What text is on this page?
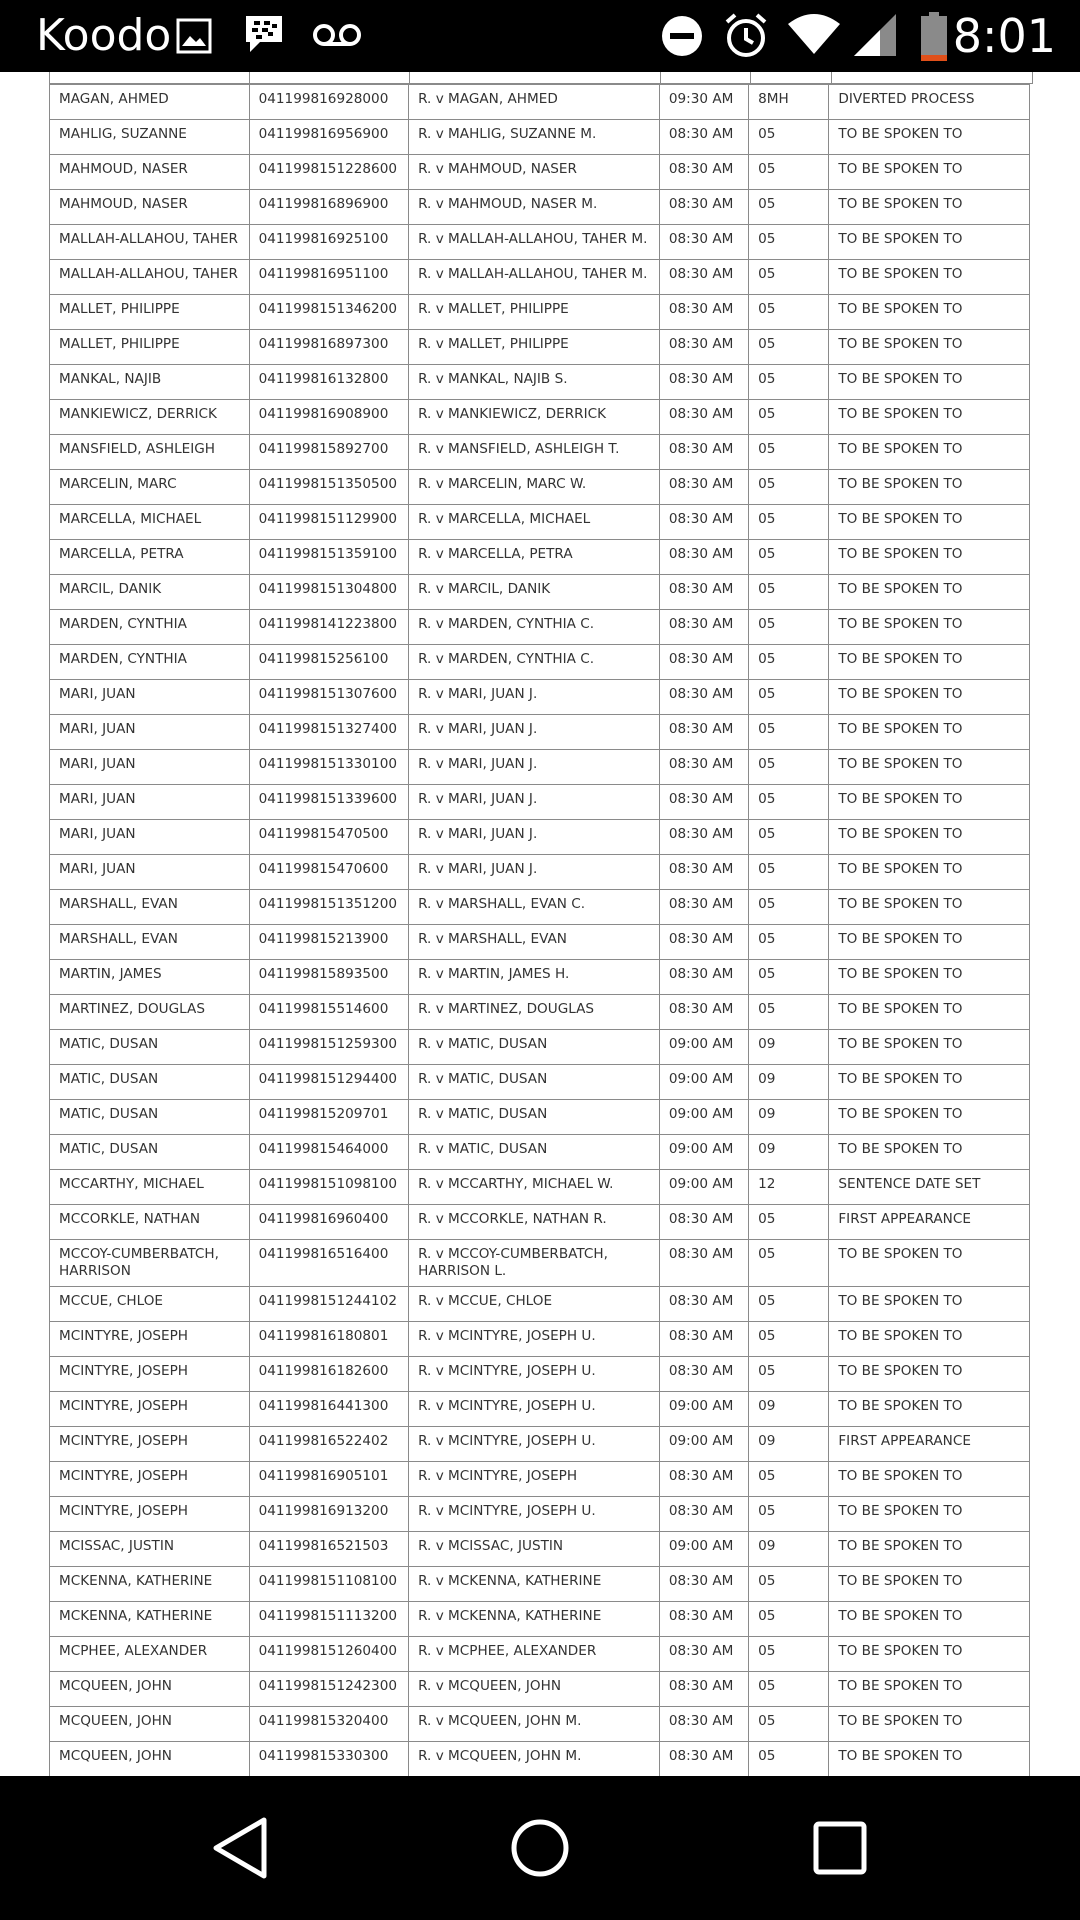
Koodo	8:01

MAGAN, AHMED	041199816928000	R. v MAGAN, AHMED	09:30 AM	8MH	DIVERTED PROCESS
MAHLIG, SUZANNE	041199816956900	R. v MAHLIG, SUZANNE M.	08:30 AM	05	TO BE SPOKEN TO
MAHMOUD, NASER	0411998151228600	R. v MAHMOUD, NASER	08:30 AM	05	TO BE SPOKEN TO
MAHMOUD, NASER	041199816896900	R. v MAHMOUD, NASER M.	08:30 AM	05	TO BE SPOKEN TO
MALLAH-ALLAHOU, TAHER	041199816925100	R. v MALLAH-ALLAHOU, TAHER M.	08:30 AM	05	TO BE SPOKEN TO
MALLAH-ALLAHOU, TAHER	041199816951100	R. v MALLAH-ALLAHOU, TAHER M.	08:30 AM	05	TO BE SPOKEN TO
MALLET, PHILIPPE	0411998151346200	R. v MALLET, PHILIPPE	08:30 AM	05	TO BE SPOKEN TO
MALLET, PHILIPPE	041199816897300	R. v MALLET, PHILIPPE	08:30 AM	05	TO BE SPOKEN TO
MANKAL, NAJIB	041199816132800	R. v MANKAL, NAJIB S.	08:30 AM	05	TO BE SPOKEN TO
MANKIEWICZ, DERRICK	041199816908900	R. v MANKIEWICZ, DERRICK	08:30 AM	05	TO BE SPOKEN TO
MANSFIELD, ASHLEIGH	041199815892700	R. v MANSFIELD, ASHLEIGH T.	08:30 AM	05	TO BE SPOKEN TO
MARCELIN, MARC	0411998151350500	R. v MARCELIN, MARC W.	08:30 AM	05	TO BE SPOKEN TO
MARCELLA, MICHAEL	0411998151129900	R. v MARCELLA, MICHAEL	08:30 AM	05	TO BE SPOKEN TO
MARCELLA, PETRA	0411998151359100	R. v MARCELLA, PETRA	08:30 AM	05	TO BE SPOKEN TO
MARCIL, DANIK	0411998151304800	R. v MARCIL, DANIK	08:30 AM	05	TO BE SPOKEN TO
MARDEN, CYNTHIA	0411998141223800	R. v MARDEN, CYNTHIA C.	08:30 AM	05	TO BE SPOKEN TO
MARDEN, CYNTHIA	041199815256100	R. v MARDEN, CYNTHIA C.	08:30 AM	05	TO BE SPOKEN TO
MARI, JUAN	0411998151307600	R. v MARI, JUAN J.	08:30 AM	05	TO BE SPOKEN TO
MARI, JUAN	0411998151327400	R. v MARI, JUAN J.	08:30 AM	05	TO BE SPOKEN TO
MARI, JUAN	0411998151330100	R. v MARI, JUAN J.	08:30 AM	05	TO BE SPOKEN TO
MARI, JUAN	0411998151339600	R. v MARI, JUAN J.	08:30 AM	05	TO BE SPOKEN TO
MARI, JUAN	041199815470500	R. v MARI, JUAN J.	08:30 AM	05	TO BE SPOKEN TO
MARI, JUAN	041199815470600	R. v MARI, JUAN J.	08:30 AM	05	TO BE SPOKEN TO
MARSHALL, EVAN	0411998151351200	R. v MARSHALL, EVAN C.	08:30 AM	05	TO BE SPOKEN TO
MARSHALL, EVAN	041199815213900	R. v MARSHALL, EVAN	08:30 AM	05	TO BE SPOKEN TO
MARTIN, JAMES	041199815893500	R. v MARTIN, JAMES H.	08:30 AM	05	TO BE SPOKEN TO
MARTINEZ, DOUGLAS	041199815514600	R. v MARTINEZ, DOUGLAS	08:30 AM	05	TO BE SPOKEN TO
MATIC, DUSAN	0411998151259300	R. v MATIC, DUSAN	09:00 AM	09	TO BE SPOKEN TO
MATIC, DUSAN	0411998151294400	R. v MATIC, DUSAN	09:00 AM	09	TO BE SPOKEN TO
MATIC, DUSAN	041199815209701	R. v MATIC, DUSAN	09:00 AM	09	TO BE SPOKEN TO
MATIC, DUSAN	041199815464000	R. v MATIC, DUSAN	09:00 AM	09	TO BE SPOKEN TO
MCCARTHY, MICHAEL	0411998151098100	R. v MCCARTHY, MICHAEL W.	09:00 AM	12	SENTENCE DATE SET
MCCORKLE, NATHAN	041199816960400	R. v MCCORKLE, NATHAN R.	08:30 AM	05	FIRST APPEARANCE
MCCOY-CUMBERBATCH, HARRISON	041199816516400	R. v MCCOY-CUMBERBATCH, HARRISON L.	08:30 AM	05	TO BE SPOKEN TO
MCCUE, CHLOE	0411998151244102	R. v MCCUE, CHLOE	08:30 AM	05	TO BE SPOKEN TO
MCINTYRE, JOSEPH	041199816180801	R. v MCINTYRE, JOSEPH U.	08:30 AM	05	TO BE SPOKEN TO
MCINTYRE, JOSEPH	041199816182600	R. v MCINTYRE, JOSEPH U.	08:30 AM	05	TO BE SPOKEN TO
MCINTYRE, JOSEPH	041199816441300	R. v MCINTYRE, JOSEPH U.	09:00 AM	09	TO BE SPOKEN TO
MCINTYRE, JOSEPH	041199816522402	R. v MCINTYRE, JOSEPH U.	09:00 AM	09	FIRST APPEARANCE
MCINTYRE, JOSEPH	041199816905101	R. v MCINTYRE, JOSEPH	08:30 AM	05	TO BE SPOKEN TO
MCINTYRE, JOSEPH	041199816913200	R. v MCINTYRE, JOSEPH U.	08:30 AM	05	TO BE SPOKEN TO
MCISSAC, JUSTIN	041199816521503	R. v MCISSAC, JUSTIN	09:00 AM	09	TO BE SPOKEN TO
MCKENNA, KATHERINE	0411998151108100	R. v MCKENNA, KATHERINE	08:30 AM	05	TO BE SPOKEN TO
MCKENNA, KATHERINE	0411998151113200	R. v MCKENNA, KATHERINE	08:30 AM	05	TO BE SPOKEN TO
MCPHEE, ALEXANDER	0411998151260400	R. v MCPHEE, ALEXANDER	08:30 AM	05	TO BE SPOKEN TO
MCQUEEN, JOHN	0411998151242300	R. v MCQUEEN, JOHN	08:30 AM	05	TO BE SPOKEN TO
MCQUEEN, JOHN	041199815320400	R. v MCQUEEN, JOHN M.	08:30 AM	05	TO BE SPOKEN TO
MCQUEEN, JOHN	041199815330300	R. v MCQUEEN, JOHN M.	08:30 AM	05	TO BE SPOKEN TO
